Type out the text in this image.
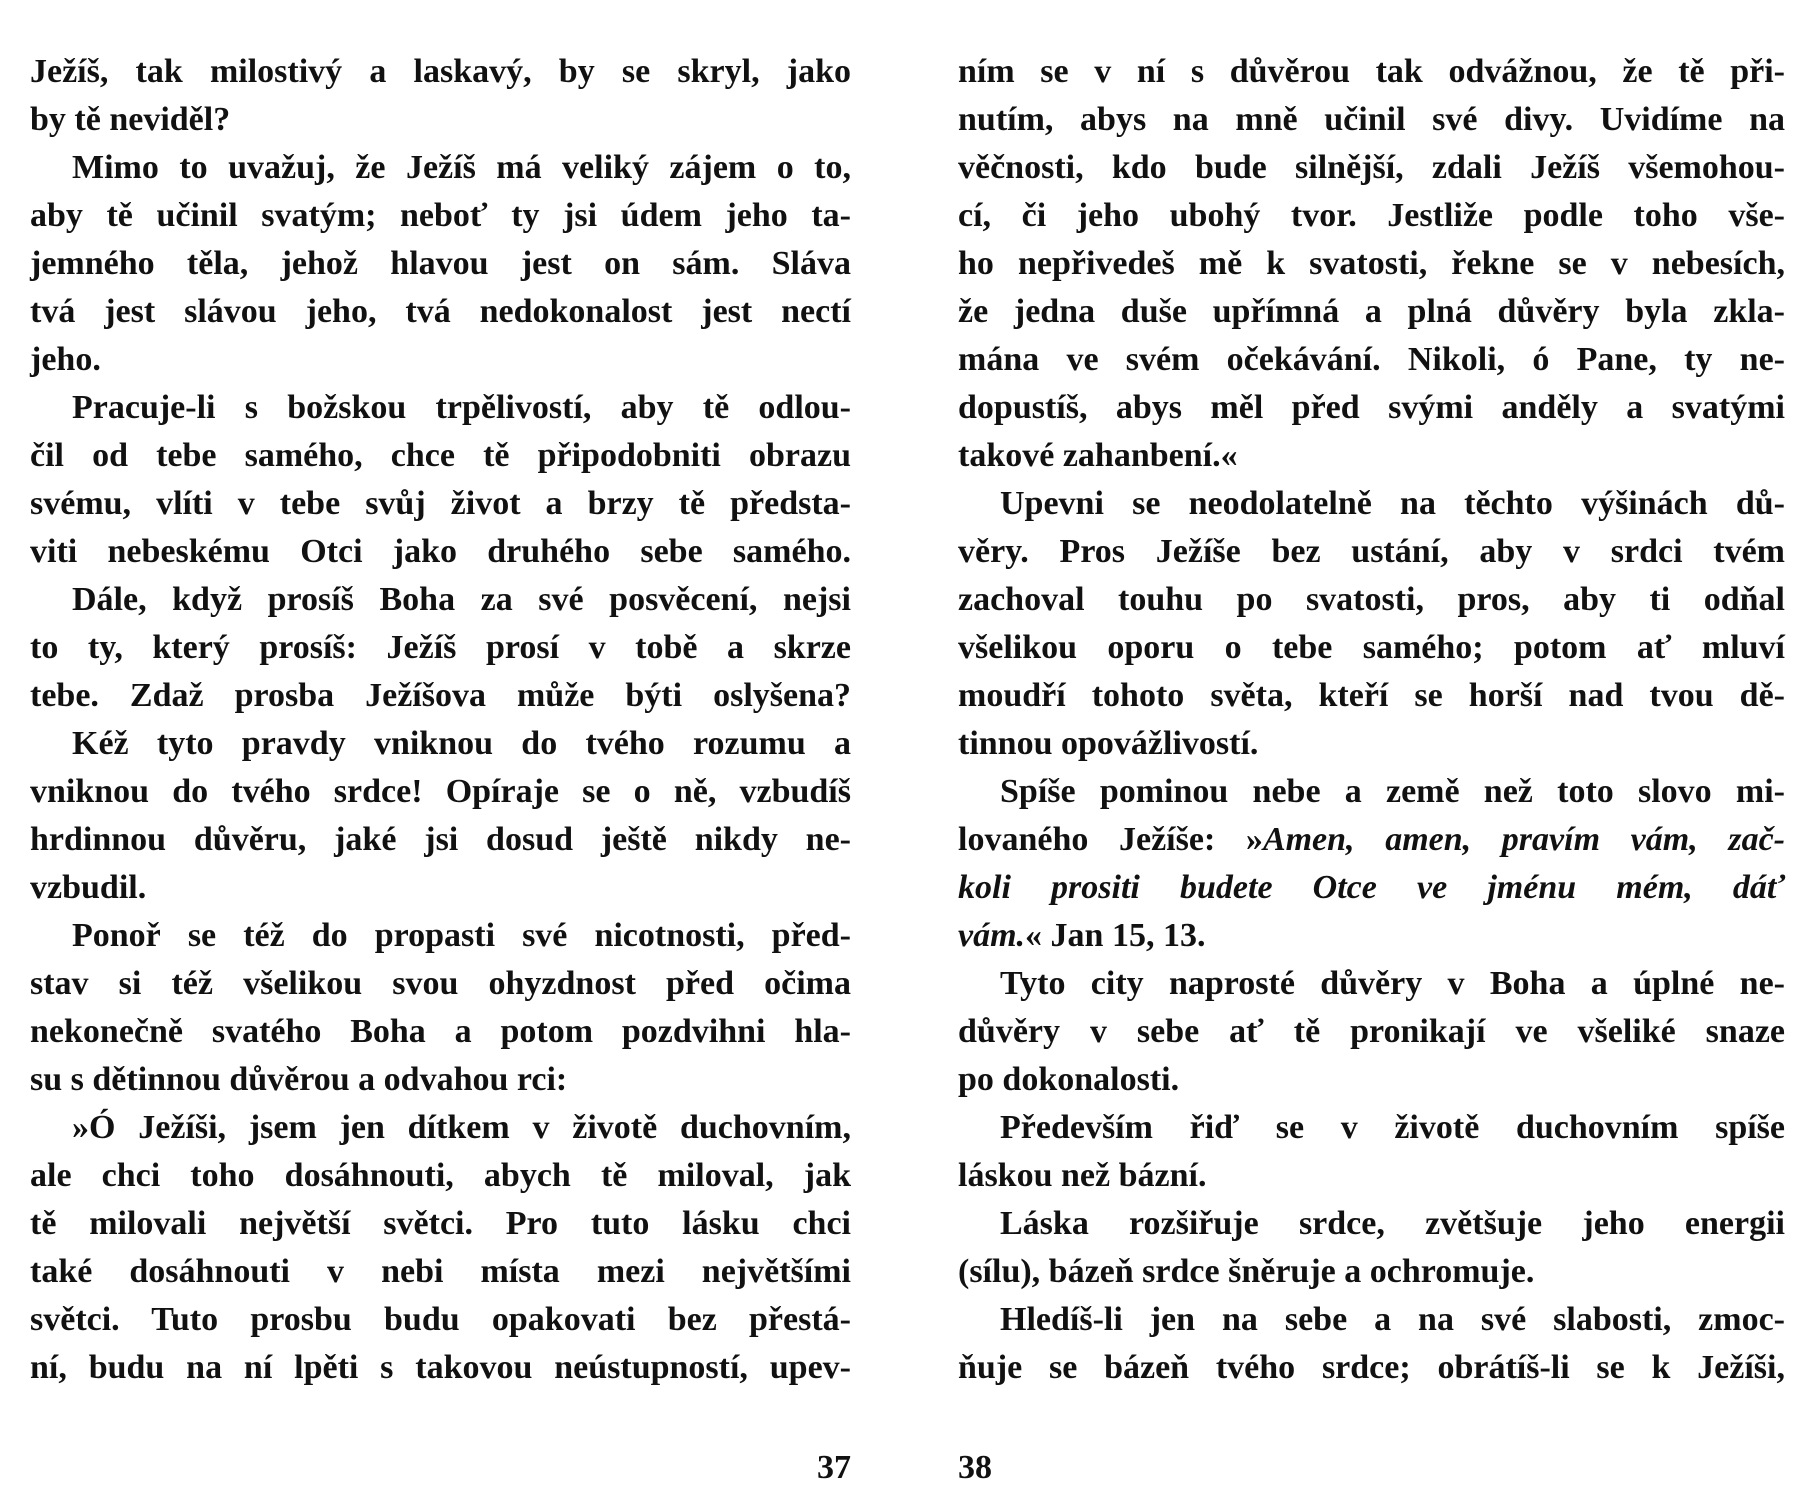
Ježíš, tak milostivý a laskavý, by se skryl, jako
by tě neviděl?
Mimo to uvažuj, že Ježíš má veliký zájem o to,
aby tě učinil svatým; neboť ty jsi údem jeho ta-
jemného těla, jehož hlavou jest on sám. Sláva
tvá jest slávou jeho, tvá nedokonalost jest nectí
jeho.
Pracuje-li s božskou trpělivostí, aby tě odlou-
čil od tebe samého, chce tě připodobniti obrazu
svému, vlíti v tebe svůj život a brzy tě předsta-
viti nebeskému Otci jako druhého sebe samého.
Dále, když prosíš Boha za své posvěcení, nejsi
to ty, který prosíš: Ježíš prosí v tobě a skrze
tebe. Zdaž prosba Ježíšova může býti oslyšena?
Kéž tyto pravdy vniknou do tvého rozumu a
vniknou do tvého srdce! Opíraje se o ně, vzbudíš
hrdinnou důvěru, jaké jsi dosud ještě nikdy ne-
vzbudil.
Ponoř se též do propasti své nicotnosti, před-
stav si též všelikou svou ohyzdnost před očima
nekonečně svatého Boha a potom pozdvihni hla-
su s dětinnou důvěrou a odvahou rci:
»Ó Ježíši, jsem jen dítkem v životě duchovním,
ale chci toho dosáhnouti, abych tě miloval, jak
tě milovali největší světci. Pro tuto lásku chci
také dosáhnouti v nebi místa mezi největšími
světci. Tuto prosbu budu opakovati bez přestá-
ní, budu na ní lpěti s takovou neústupností, upev-
ním se v ní s důvěrou tak odvážnou, že tě při-
nutím, abys na mně učinil své divy. Uvidíme na
věčnosti, kdo bude silnější, zdali Ježíš všemohou-
cí, či jeho ubohý tvor. Jestliže podle toho vše-
ho nepřivedeš mě k svatosti, řekne se v nebesích,
že jedna duše upřímná a plná důvěry byla zkla-
mána ve svém očekávání. Nikoli, ó Pane, ty ne-
dopustíš, abys měl před svými anděly a svatými
takové zahanbení.«
Upevni se neodolatelně na těchto výšinách dů-
věry. Pros Ježíše bez ustání, aby v srdci tvém
zachoval touhu po svatosti, pros, aby ti odňal
všelikou oporu o tebe samého; potom ať mluví
moudří tohoto světa, kteří se horší nad tvou dě-
tinnou opovážlivostí.
Spíše pominou nebe a země než toto slovo mi-
lovaného Ježíše: »Amen, amen, pravím vám, zač-
koli prositi budete Otce ve jménu mém, dáť
vám.« Jan 15, 13.
Tyto city naprosté důvěry v Boha a úplné ne-
důvěry v sebe ať tě pronikají ve všeliké snaze
po dokonalosti.
Především řiď se v životě duchovním spíše
láskou než bázní.
Láska rozšiřuje srdce, zvětšuje jeho energii
(sílu), bázeň srdce šněruje a ochromuje.
Hledíš-li jen na sebe a na své slabosti, zmoc-
ňuje se bázeň tvého srdce; obrátíš-li se k Ježíši,
37	38
